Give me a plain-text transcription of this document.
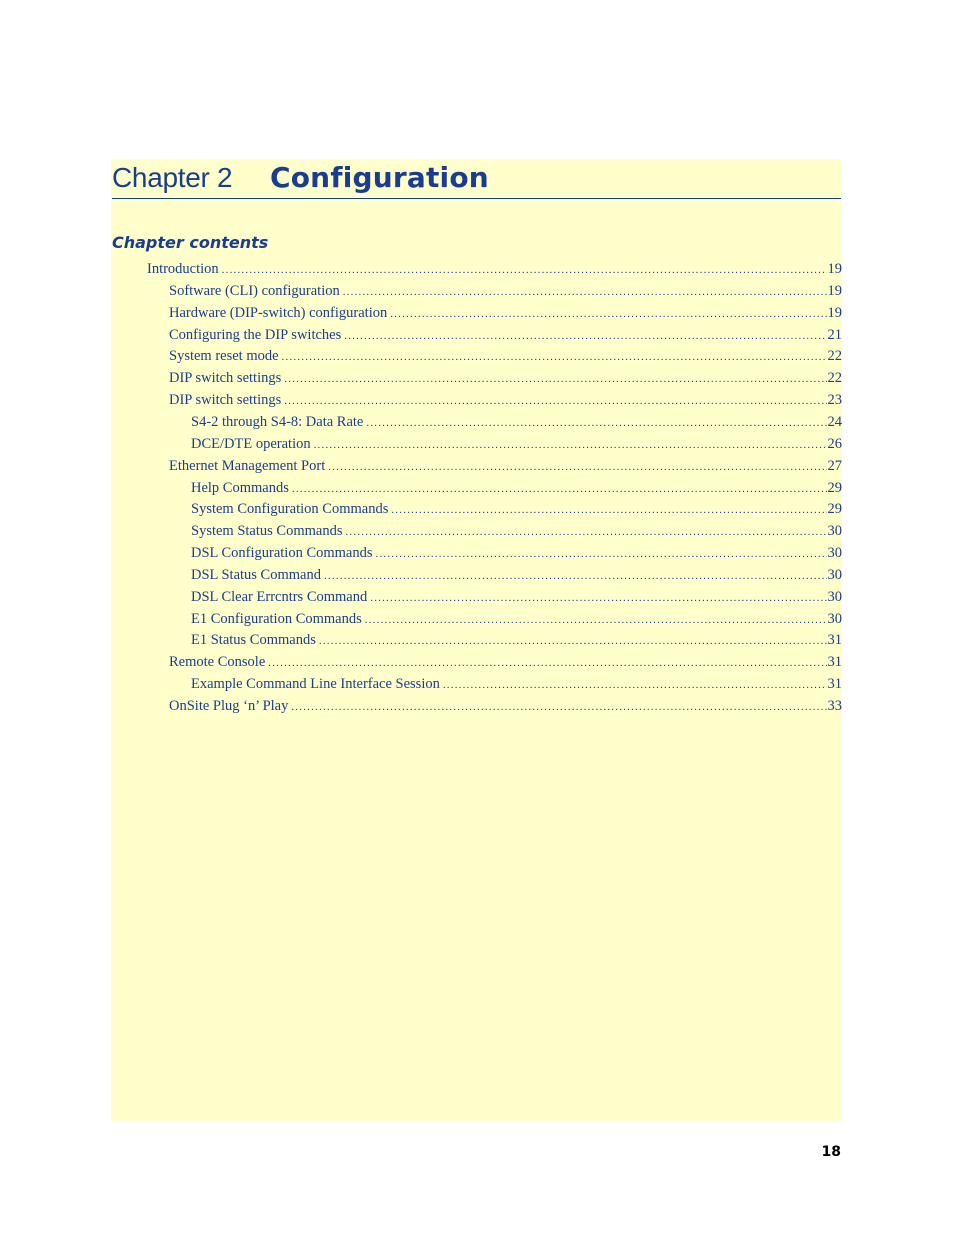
Chapter 2 Configuration
Chapter contents
Introduction .....	19
Software (CLI) configuration .....	19
Hardware (DIP-switch) configuration .....	19
Configuring the DIP switches .....	21
System reset mode .....	22
DIP switch settings .....	22
DIP switch settings .....	23
S4-2 through S4-8: Data Rate .....	24
DCE/DTE operation .....	26
Ethernet Management Port .....	27
Help Commands .....	29
System Configuration Commands .....	29
System Status Commands .....	30
DSL Configuration Commands .....	30
DSL Status Command .....	30
DSL Clear Errcntrs Command .....	30
E1 Configuration Commands .....	30
E1 Status Commands .....	31
Remote Console .....	31
Example Command Line Interface Session .....	31
OnSite Plug ‘n’ Play .....	33
18
